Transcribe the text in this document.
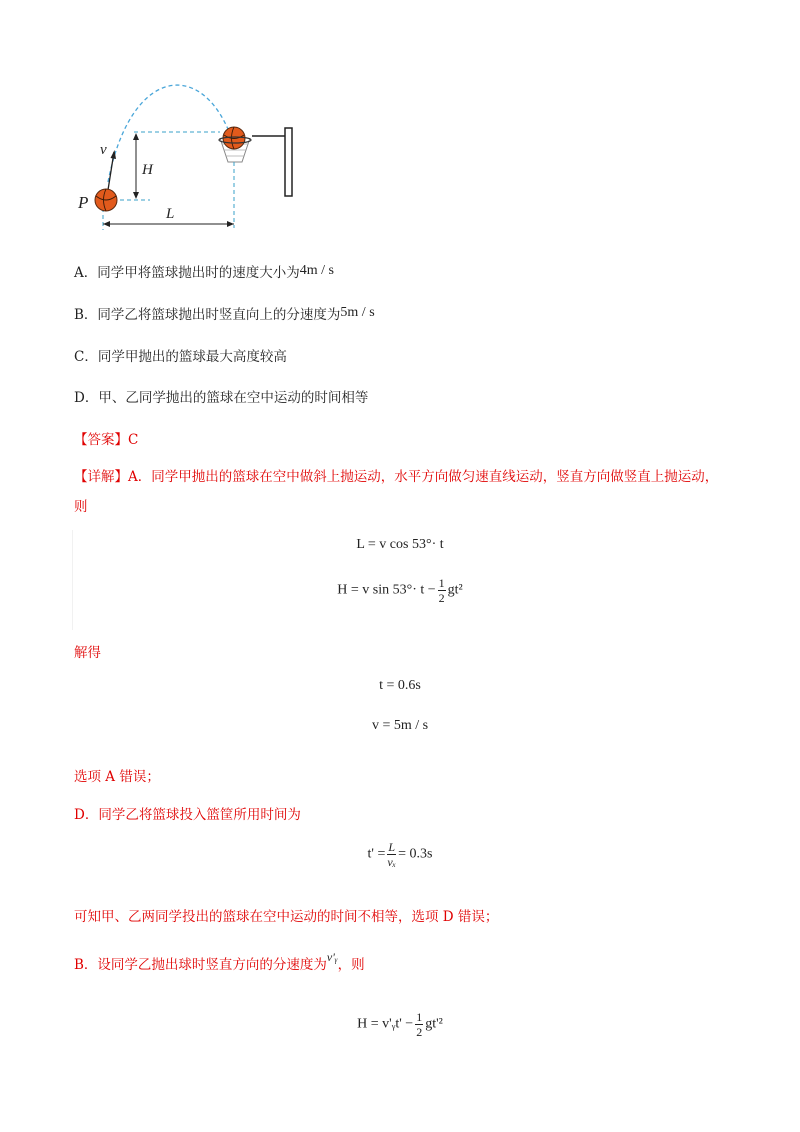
v
H
P
L
A．同学甲将篮球抛出时的速度大小为4m / s
B．同学乙将篮球抛出时竖直向上的分速度为5m / s
C．同学甲抛出的篮球最大高度较高
D．甲、乙同学抛出的篮球在空中运动的时间相等
【答案】C
【详解】A．同学甲抛出的篮球在空中做斜上抛运动，水平方向做匀速直线运动，竖直方向做竖直上抛运动，则
L = v cos 53°· t
H = v $\sin 53^\circ\cdot t - \frac{1}{2} gt^2$
解得
t = 0.6s
v = 5m / s
选项 A 错误；
D．同学乙将篮球投入篮筐所用时间为
$t' = \frac{L}{\text{vₓ}} = 0.3s$
可知甲、乙两同学投出的篮球在空中运动的时间不相等，选项 D 错误；
B．设同学乙抛出球时竖直方向的分速度为v'ᵧ，则
H = v'ᵧt' − $\frac{1}{2} gt'^2$
